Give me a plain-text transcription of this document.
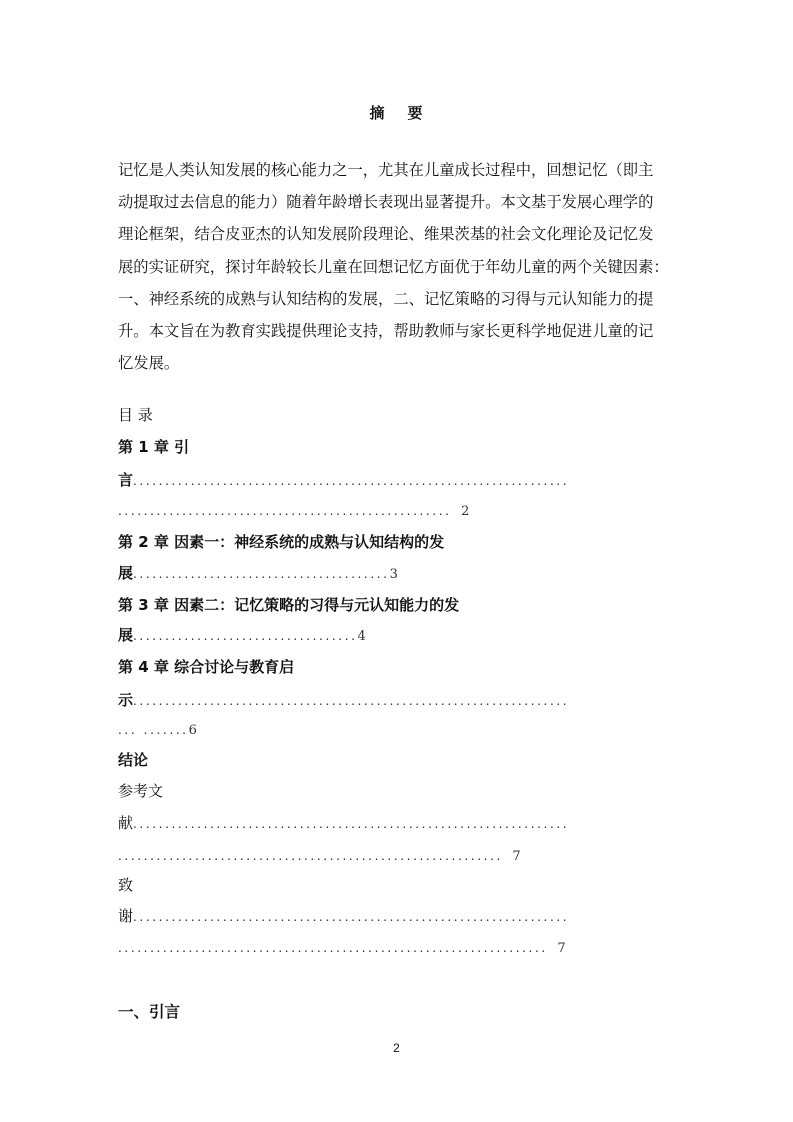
摘 要

记忆是人类认知发展的核心能力之一，尤其在儿童成长过程中，回想记忆（即主
动提取过去信息的能力）随着年龄增长表现出显著提升。本文基于发展心理学的
理论框架，结合皮亚杰的认知发展阶段理论、维果茨基的社会文化理论及记忆发
展的实证研究，探讨年龄较长儿童在回想记忆方面优于年幼儿童的两个关键因素：
一、神经系统的成熟与认知结构的发展，二、记忆策略的习得与元认知能力的提
升。本文旨在为教育实践提供理论支持，帮助教师与家长更科学地促进儿童的记
忆发展。

目 录
第 1 章 引
言....................................................................
.................................................... 2
第 2 章 因素一：神经系统的成熟与认知结构的发
展........................................3
第 3 章 因素二：记忆策略的习得与元认知能力的发
展...................................4
第 4 章 综合讨论与教育启
示....................................................................
... .......6
结论
参考文
献....................................................................
............................................................ 7
致
谢....................................................................
................................................................... 7
一、引言
2
